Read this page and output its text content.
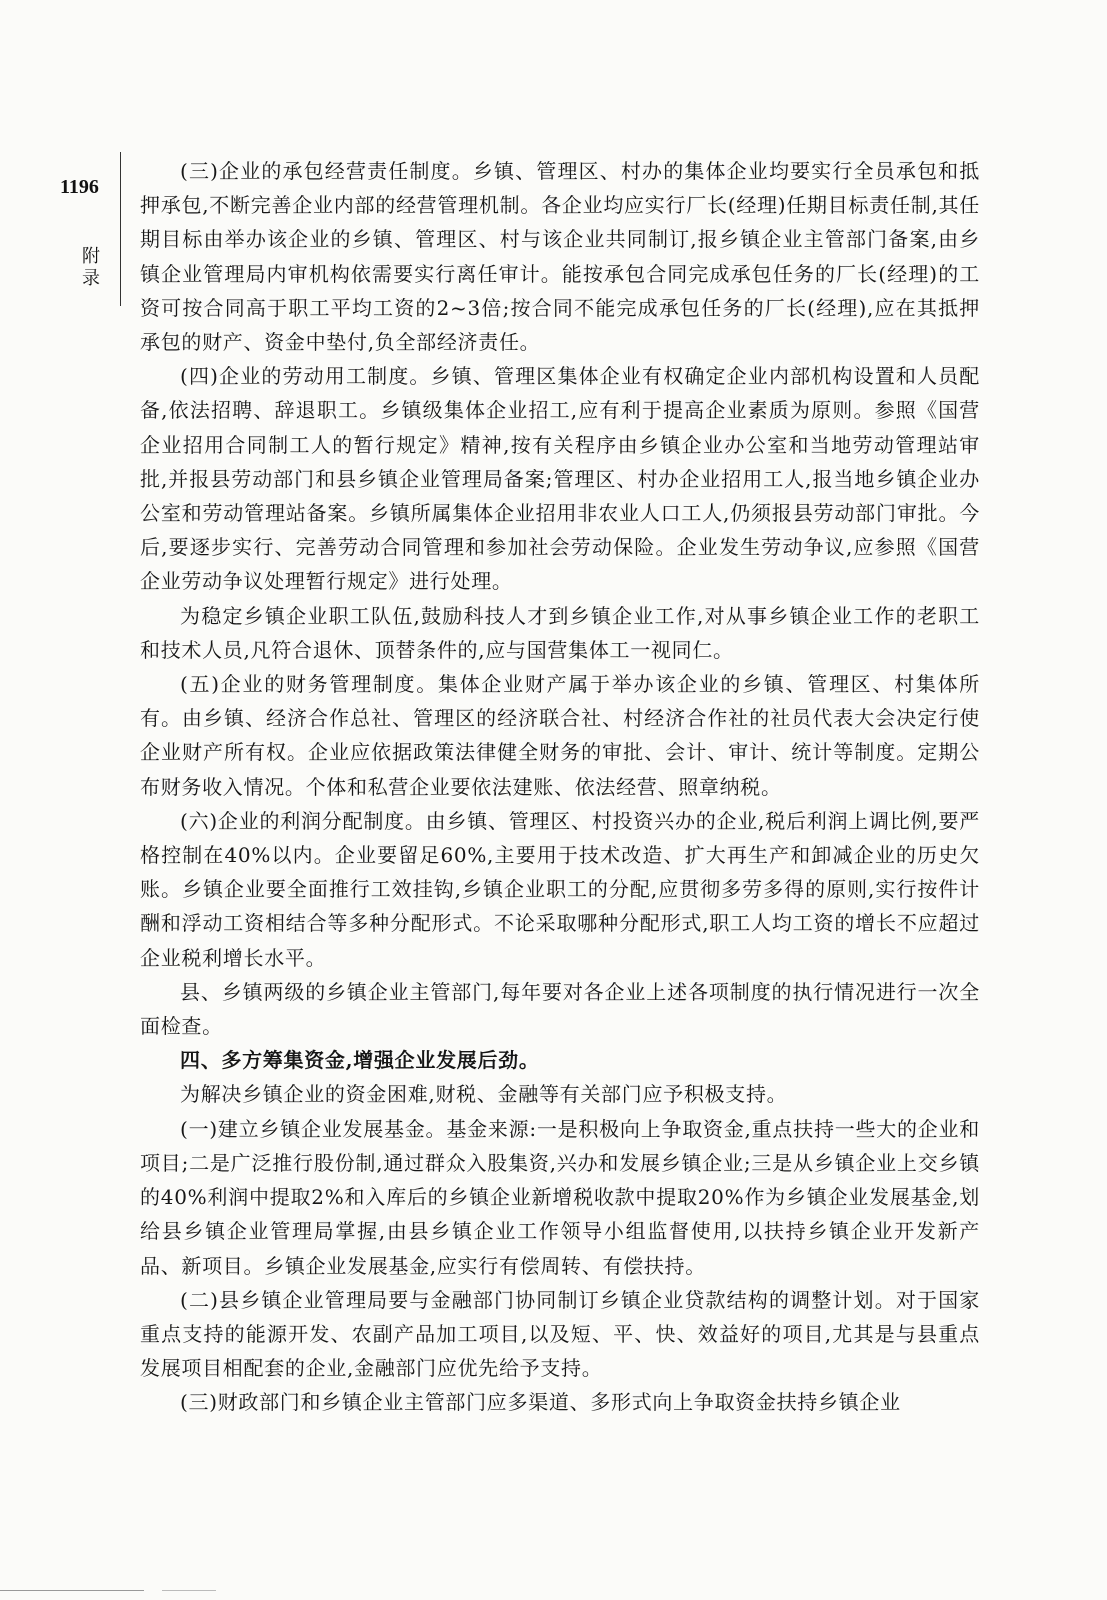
1196
附录

(三)企业的承包经营责任制度。乡镇、管理区、村办的集体企业均要实行全员承包和抵押承包,不断完善企业内部的经营管理机制。各企业均应实行厂长(经理)任期目标责任制,其任期目标由举办该企业的乡镇、管理区、村与该企业共同制订,报乡镇企业主管部门备案,由乡镇企业管理局内审机构依需要实行离任审计。能按承包合同完成承包任务的厂长(经理)的工资可按合同高于职工平均工资的2~3倍;按合同不能完成承包任务的厂长(经理),应在其抵押承包的财产、资金中垫付,负全部经济责任。

(四)企业的劳动用工制度。乡镇、管理区集体企业有权确定企业内部机构设置和人员配备,依法招聘、辞退职工。乡镇级集体企业招工,应有利于提高企业素质为原则。参照《国营企业招用合同制工人的暂行规定》精神,按有关程序由乡镇企业办公室和当地劳动管理站审批,并报县劳动部门和县乡镇企业管理局备案;管理区、村办企业招用工人,报当地乡镇企业办公室和劳动管理站备案。乡镇所属集体企业招用非农业人口工人,仍须报县劳动部门审批。今后,要逐步实行、完善劳动合同管理和参加社会劳动保险。企业发生劳动争议,应参照《国营企业劳动争议处理暂行规定》进行处理。

为稳定乡镇企业职工队伍,鼓励科技人才到乡镇企业工作,对从事乡镇企业工作的老职工和技术人员,凡符合退休、顶替条件的,应与国营集体工一视同仁。

(五)企业的财务管理制度。集体企业财产属于举办该企业的乡镇、管理区、村集体所有。由乡镇、经济合作总社、管理区的经济联合社、村经济合作社的社员代表大会决定行使企业财产所有权。企业应依据政策法律健全财务的审批、会计、审计、统计等制度。定期公布财务收入情况。个体和私营企业要依法建账、依法经营、照章纳税。

(六)企业的利润分配制度。由乡镇、管理区、村投资兴办的企业,税后利润上调比例,要严格控制在40%以内。企业要留足60%,主要用于技术改造、扩大再生产和卸减企业的历史欠账。乡镇企业要全面推行工效挂钩,乡镇企业职工的分配,应贯彻多劳多得的原则,实行按件计酬和浮动工资相结合等多种分配形式。不论采取哪种分配形式,职工人均工资的增长不应超过企业税利增长水平。

县、乡镇两级的乡镇企业主管部门,每年要对各企业上述各项制度的执行情况进行一次全面检查。

四、多方筹集资金,增强企业发展后劲。

为解决乡镇企业的资金困难,财税、金融等有关部门应予积极支持。

(一)建立乡镇企业发展基金。基金来源:一是积极向上争取资金,重点扶持一些大的企业和项目;二是广泛推行股份制,通过群众入股集资,兴办和发展乡镇企业;三是从乡镇企业上交乡镇的40%利润中提取2%和入库后的乡镇企业新增税收款中提取20%作为乡镇企业发展基金,划给县乡镇企业管理局掌握,由县乡镇企业工作领导小组监督使用,以扶持乡镇企业开发新产品、新项目。乡镇企业发展基金,应实行有偿周转、有偿扶持。

(二)县乡镇企业管理局要与金融部门协同制订乡镇企业贷款结构的调整计划。对于国家重点支持的能源开发、农副产品加工项目,以及短、平、快、效益好的项目,尤其是与县重点发展项目相配套的企业,金融部门应优先给予支持。

(三)财政部门和乡镇企业主管部门应多渠道、多形式向上争取资金扶持乡镇企业
